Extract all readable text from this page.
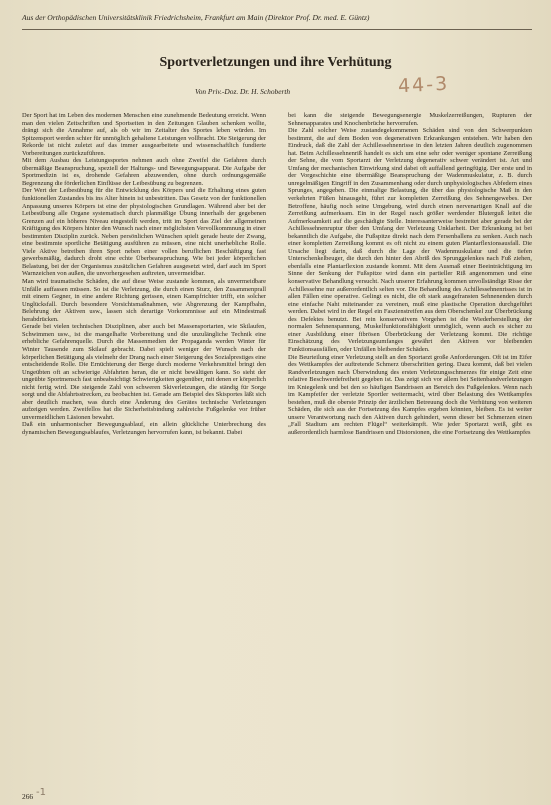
Aus der Orthopädischen Universitätsklinik Friedrichsheim, Frankfurt am Main (Direktor Prof. Dr. med. E. Güntz)
Sportverletzungen und ihre Verhütung
44-3
Von Priv.-Doz. Dr. H. Schoberth

Der Sport hat im Leben des modernen Menschen eine zunehmende Bedeutung erreicht. Wenn man den vielen Zeitschriften und Sportseiten in den Zeitungen Glauben schenken wollte, drängt sich die Annahme auf, als ob wir im Zeitalter des Sportes leben würden. Im Spitzensport werden schier für unmöglich gehaltene Leistungen vollbracht. Die Steigerung der Rekorde ist nicht zuletzt auf das immer ausgearbeitete und wissenschaftlich fundierte Vorbereitungen zurückzuführen.

Mit dem Ausbau des Leistungssportes nehmen auch ohne Zweifel die Gefahren durch übermäßige Beanspruchung, speziell der Haltungs- und Bewegungsapparat. Die Aufgabe der Sportmedizin ist es, drohende Gefahren abzuwenden, ohne durch ordnungsgemäße Begrenzung die förderlichen Einflüsse der Leibesübung zu begrenzen.

Der Wert der Leibesübung für die Entwicklung des Körpers und die Erhaltung eines guten funktionellen Zustandes bis ins Alter hinein ist unbestritten. Das Gesetz von der funktionellen Anpassung unseres Körpers ist eine der physiologischen Grundlagen. Während aber bei der Leibesübung alle Organe systematisch durch planmäßige Übung innerhalb der gegebenen Grenzen auf ein höheres Niveau eingestellt werden, tritt im Sport das Ziel der allgemeinen Kräftigung des Körpers hinter den Wunsch nach einer möglichsten Vervollkommnung in einer bestimmten Disziplin zurück. Neben persönlichen Wünschen spielt gerade heute der Zwang, eine bestimmte sportliche Betätigung ausführen zu müssen, eine nicht unerhebliche Rolle. Viele Aktive betreiben ihren Sport neben einer vollen beruflichen Beschäftigung fast gewerbsmäßig, dadurch droht eine echte Überbeanspruchung. Wie bei jeder körperlichen Belastung, bei der der Organismus zusätzlichen Gefahren ausgesetzt wird, darf auch im Sport Warnzeichen von außen, die unvorhergesehen auftreten, unvermeidbar.

Man wird traumatische Schäden, die auf diese Weise zustande kommen, als unvermeidbare Unfälle auffassen müssen. So ist die Verletzung, die durch einen Sturz, den Zusammenprall mit einem Gegner, in eine andere Richtung gerissen, einen Kampfrichter trifft, ein solcher Unglücksfall. Durch besondere Vorsichtsmaßnahmen, wie Abgrenzung der Kampfbahn, Belehrung der Aktiven usw., lassen sich derartige Vorkommnisse auf ein Mindestmaß herabdrücken.

Gerade bei vielen technischen Disziplinen, aber auch bei Massensportarten, wie Skilaufen, Schwimmen usw., ist die mangelhafte Vorbereitung und die unzulängliche Technik eine erhebliche Gefahrenquelle. Durch die Massenmedien der Propaganda werden Winter für Winter Tausende zum Skilauf gebracht. Dabei spielt weniger der Wunsch nach der körperlichen Betätigung als vielmehr der Drang nach einer Steigerung des Sozialprestiges eine entscheidende Rolle. Die Ernüchterung der Berge durch moderne Verkehrsmittel bringt den Ungeübten oft an schwierige Abfahrten heran, die er nicht bewältigen kann. So sieht der ungeübte Sportmensch fast unbeabsichtigt Schwierigkeiten gegenüber, mit denen er körperlich nicht fertig wird. Die steigende Zahl von schweren Skiverletzungen, die ständig für Sorge sorgt und die Abfahrtsstrecken, zu beobachten ist. Gerade am Beispiel des Skisportes läßt sich aber deutlich machen, was durch eine Änderung des Gerätes technische Verletzungen aufzeigen werden. Zweifellos hat die Sicherheitsbindung zahlreiche Fußgelenke vor früher unvermeidlichen Läsionen bewahrt.

Daß ein unharmonischer Bewegungsablauf, ein allein glückliche Unterbrechung des dynamischen Bewegungsablaufes, Verletzungen hervorrufen kann, ist bekannt. Dabei

bei kann die steigende Bewegungsenergie Muskelzerreißungen, Rupturen der Sehnenapparates und Knochenbrüche hervorrufen.

Die Zahl solcher Weise zustandegekommenen Schäden sind von den Schwerpunkten bestimmt, die auf dem Boden von degenerativen Erkrankungen entstehen. Wir haben den Eindruck, daß die Zahl der Achillessehnenrisse in den letzten Jahren deutlich zugenommen hat. Beim Achillessehnenriß handelt es sich um eine sehr oder weniger spontane Zerreißung der Sehne, die vom Sportarzt der Verletzung degenerativ schwer verändert ist. Art und Umfang der mechanischen Einwirkung sind dabei oft auffallend geringfügig. Der erste und in der Vorgeschichte eine übermäßige Beanspruchung der Wadenmuskulatur, z. B. durch unregelmäßigen Eingriff in den Zusammenhang oder durch unphysiologisches Abfedern eines Sprunges, angegeben. Die einmalige Belastung, die über das physiologische Maß in den verkehrten Füßen hinausgeht, führt zur kompletten Zerreißung des Sehnengewebes. Der Betroffene, häufig noch seine Umgebung, wird durch einen nervenartigen Knall auf die Zerreißung aufmerksam. Ein in der Regel rasch größer werdender Bluterguß leitet die Aufmerksamkeit auf die geschädigte Stelle. Interessanterweise bestreitet aber gerade bei der Achillessehnenruptur über den Umfang der Verletzung Unklarheit. Der Erkrankung ist bei bekanntlich die Aufgabe, die Fußspitze direkt nach dem Fersenballens zu senken. Auch nach einer kompletten Zerreißung kommt es oft nicht zu einem guten Plantarflexionsausfall. Die Ursache liegt darin, daß durch die Lage der Wadenmuskulatur und die tiefen Unterschenkelbeuger, die durch den hinter den Abriß des Sprunggelenkes nach Fuß ziehen, ebenfalls eine Plantarflexion zustande kommt. Mit dem Ausmaß einer Beeinträchtigung im Sinne der Senkung der Fußspitze wird dann ein partieller Riß angenommen und eine konservative Behandlung versucht. Nach unserer Erfahrung kommen unvollständige Risse der Achillessehne nur außerordentlich selten vor. Die Behandlung des Achillessehnenrisses ist in allen Fällen eine operative. Gelingt es nicht, die oft stark ausgefransten Sehnenenden durch eine einfache Naht miteinander zu vereinen, muß eine plastische Operation durchgeführt werden. Dabei wird in der Regel ein Faszienstreifen aus dem Oberschenkel zur Überbrückung des Defektes benutzt. Bei rein konservativem Vorgehen ist die Wiederherstellung der normalen Sehnenspannung, Muskelfunktionsfähigkeit unmöglich, wenn auch es sicher zu einer Ausbildung einer fibrösen Überbrückung der Verletzung kommt. Die richtige Einschätzung des Verletzungsumfanges gewährt den Aktiven vor bleibenden Funktionsausfällen, oder Unfällen bleibender Schäden.

Die Beurteilung einer Verletzung stellt an den Sportarzt große Anforderungen. Oft ist im Eifer des Wettkampfes der auftretende Schmerz überschritten gering. Dazu kommt, daß bei vielen Randverletzungen nach Überwindung des ersten Verletzungsschmerzes für einige Zeit eine relative Beschwerdefreiheit gegeben ist. Das zeigt sich vor allem bei Seitenbandverletzungen im Kniegelenk und bei den so häufigen Bandrissen an Bereich des Fußgelenkes. Wenn nach im Kampfeifer der verletzte Sportler weitermacht, wird über Belastung des Wettkampfes bestehen, muß die oberste Prinzip der ärztlichen Betreuung doch die Verhütung von weiteren Schäden, die sich aus der Fortsetzung des Kampfes ergeben könnten, bleiben. Es ist weiter unsere Verantwortung nach den Aktiven durch gehindert, wenn dieser bei Schmerzen einen „Fall Stadium am rechten Flügel“ weiterkämpft. Wie jeder Sportarzt weiß, gibt es außerordentlich harmlose Bandrissen und Distorsionen, die eine Fortsetzung des Wettkampfes

266 -1
